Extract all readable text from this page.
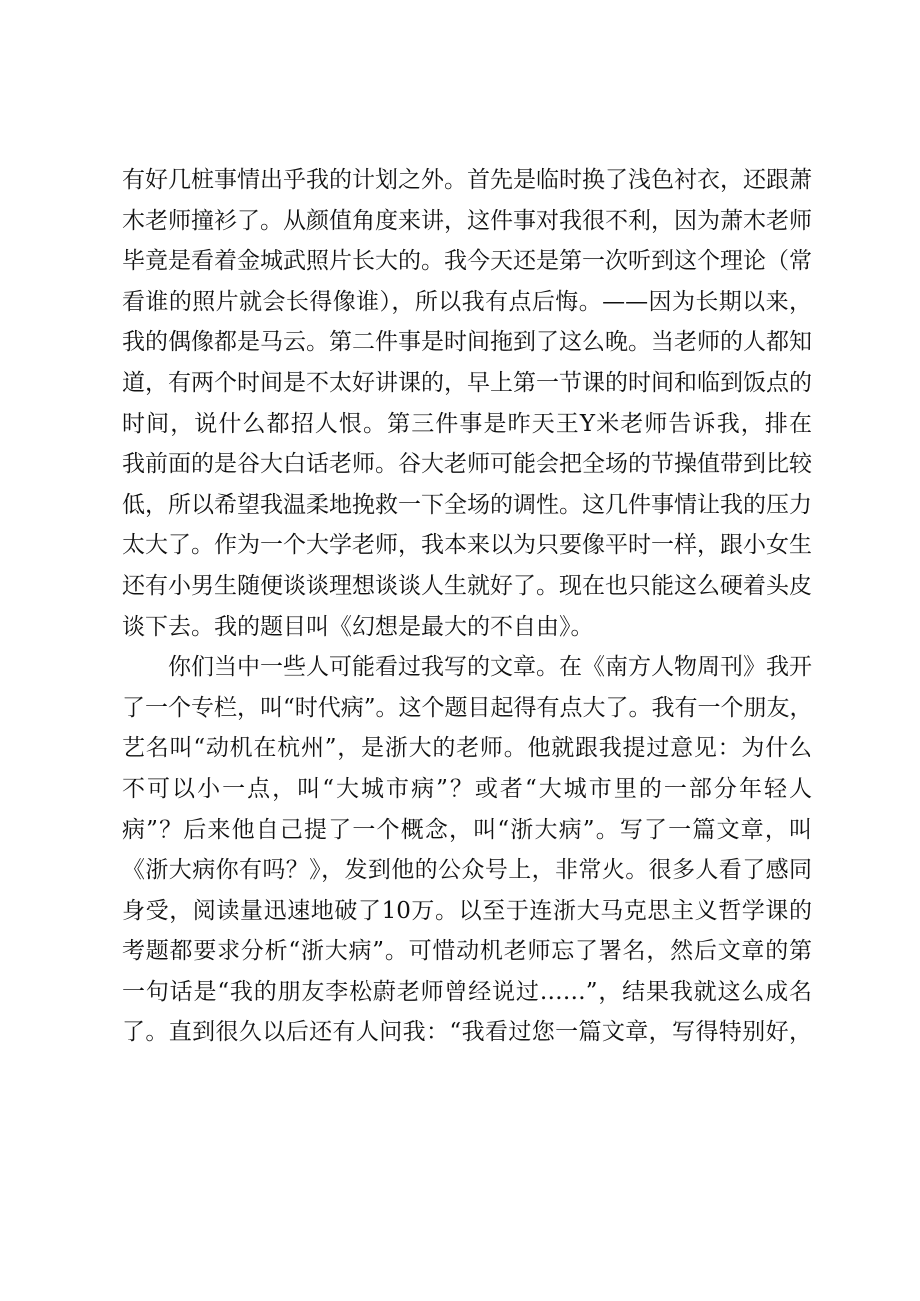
有好几桩事情出乎我的计划之外。首先是临时换了浅色衬衣，还跟萧
木老师撞衫了。从颜值角度来讲，这件事对我很不利，因为萧木老师
毕竟是看着金城武照片长大的。我今天还是第一次听到这个理论（常
看谁的照片就会长得像谁），所以我有点后悔。——因为长期以来，
我的偶像都是马云。第二件事是时间拖到了这么晚。当老师的人都知
道，有两个时间是不太好讲课的，早上第一节课的时间和临到饭点的
时间，说什么都招人恨。第三件事是昨天王Y米老师告诉我，排在
我前面的是谷大白话老师。谷大老师可能会把全场的节操值带到比较
低，所以希望我温柔地挽救一下全场的调性。这几件事情让我的压力
太大了。作为一个大学老师，我本来以为只要像平时一样，跟小女生
还有小男生随便谈谈理想谈谈人生就好了。现在也只能这么硬着头皮
谈下去。我的题目叫《幻想是最大的不自由》。
你们当中一些人可能看过我写的文章。在《南方人物周刊》我开
了一个专栏，叫“时代病”。这个题目起得有点大了。我有一个朋友，
艺名叫“动机在杭州”，是浙大的老师。他就跟我提过意见：为什么
不可以小一点，叫“大城市病”？或者“大城市里的一部分年轻人
病”？后来他自己提了一个概念，叫“浙大病”。写了一篇文章，叫
《浙大病你有吗？》，发到他的公众号上，非常火。很多人看了感同
身受，阅读量迅速地破了10万。以至于连浙大马克思主义哲学课的
考题都要求分析“浙大病”。可惜动机老师忘了署名，然后文章的第
一句话是“我的朋友李松蔚老师曾经说过……”，结果我就这么成名
了。直到很久以后还有人问我：“我看过您一篇文章，写得特别好，
